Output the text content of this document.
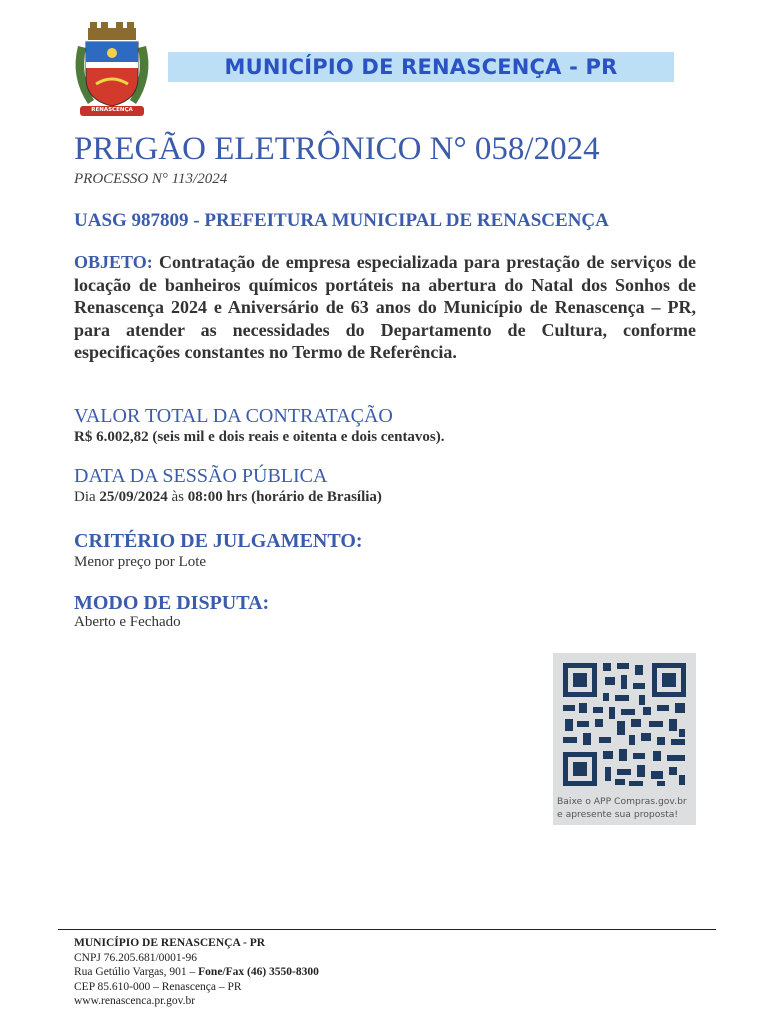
RENASCENÇA
MUNICÍPIO DE RENASCENÇA - PR
PREGÃO ELETRÔNICO N° 058/2024
PROCESSO N° 113/2024
UASG 987809 - PREFEITURA MUNICIPAL DE RENASCENÇA
OBJETO: Contratação de empresa especializada para prestação de serviços de locação de banheiros químicos portáteis na abertura do Natal dos Sonhos de Renascença 2024 e Aniversário de 63 anos do Município de Renascença – PR, para atender as necessidades do Departamento de Cultura, conforme especificações constantes no Termo de Referência.
VALOR TOTAL DA CONTRATAÇÃO
R$ 6.002,82 (seis mil e dois reais e oitenta e dois centavos).
DATA DA SESSÃO PÚBLICA
Dia 25/09/2024 às 08:00 hrs (horário de Brasília)
CRITÉRIO DE JULGAMENTO:
Menor preço por Lote
MODO DE DISPUTA:
Aberto e Fechado
Baixe o APP Compras.gov.br
e apresente sua proposta!
MUNICÍPIO DE RENASCENÇA - PR
CNPJ 76.205.681/0001-96
Rua Getúlio Vargas, 901 – Fone/Fax (46) 3550-8300
CEP 85.610-000 – Renascença – PR
www.renascenca.pr.gov.br
